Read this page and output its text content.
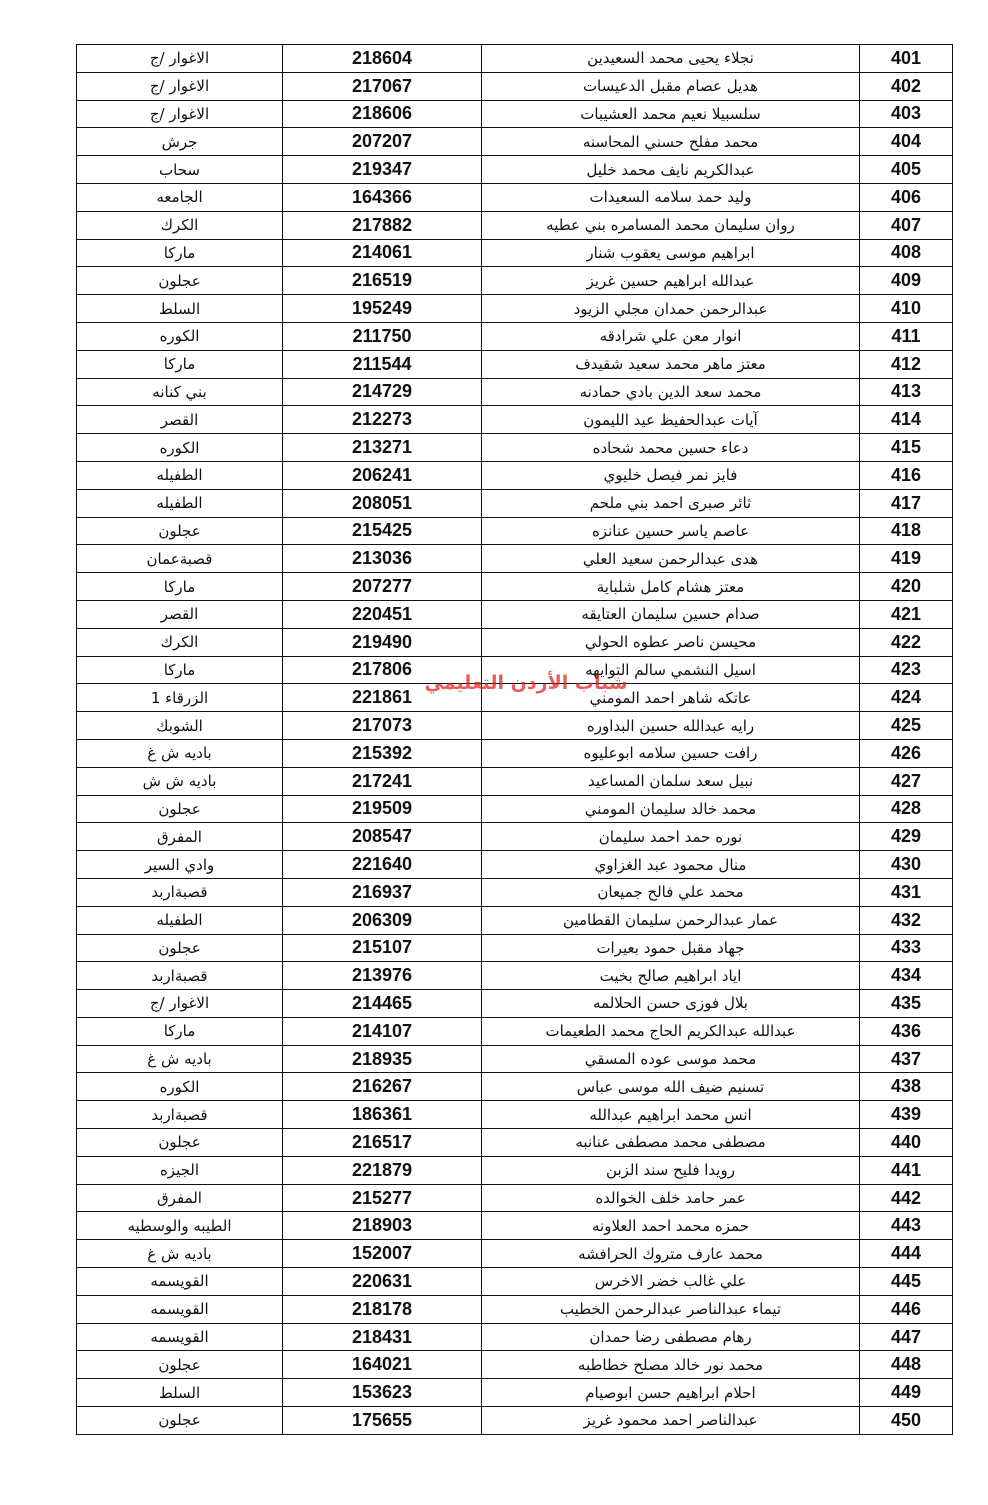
401	نجلاء يحيى محمد السعيدين	218604	الاغوار /ج
402	هديل عصام مقبل الدعيسات	217067	الاغوار /ج
403	سلسبيلا نعيم محمد العشيبات	218606	الاغوار /ج
404	محمد مفلح حسني المحاسنه	207207	جرش
405	عبدالكريم نايف محمد خليل	219347	سحاب
406	وليد حمد سلامه السعيدات	164366	الجامعه
407	روان سليمان محمد المسامره بني عطيه	217882	الكرك
408	ابراهيم موسى يعقوب شنار	214061	ماركا
409	عبدالله ابراهيم حسين غريز	216519	عجلون
410	عبدالرحمن حمدان مجلي الزيود	195249	السلط
411	انوار معن علي شرادقه	211750	الكوره
412	معتز ماهر محمد سعيد شقيدف	211544	ماركا
413	محمد سعد الدين بادي حمادنه	214729	بني كنانه
414	آيات عبدالحفيظ عيد الليمون	212273	القصر
415	دعاء حسين محمد شحاده	213271	الكوره
416	فايز نمر فيصل خليوي	206241	الطفيله
417	ثائر صبرى احمد بني ملحم	208051	الطفيله
418	عاصم ياسر حسين عنانزه	215425	عجلون
419	هدى عبدالرحمن سعيد العلي	213036	قصبةعمان
420	معتز هشام كامل شلباية	207277	ماركا
421	صدام حسين سليمان العتايقه	220451	القصر
422	محيسن ناصر عطوه الحولي	219490	الكرك
423	اسيل النشمي سالم التوايهه	217806	ماركا
424	عاتكه شاهر احمد المومني	221861	الزرقاء 1
425	رايه عبدالله حسين البداوره	217073	الشوبك
426	رافت حسين سلامه ابوعليوه	215392	باديه ش غ
427	نبيل سعد سلمان المساعيد	217241	باديه ش ش
428	محمد خالد سليمان المومني	219509	عجلون
429	نوره حمد احمد سليمان	208547	المفرق
430	منال محمود عبد الغزاوي	221640	وادي السير
431	محمد علي فالح جميعان	216937	قصبةاربد
432	عمار عبدالرحمن سليمان القطامين	206309	الطفيله
433	جهاد مقبل حمود بعيرات	215107	عجلون
434	اياد ابراهيم صالح بخيت	213976	قصبةاربد
435	بلال فوزى حسن الحلالمه	214465	الاغوار /ج
436	عبدالله عبدالكريم الحاج محمد الطعيمات	214107	ماركا
437	محمد موسى عوده المسقي	218935	باديه ش غ
438	تسنيم ضيف الله موسى عباس	216267	الكوره
439	انس محمد ابراهيم عبدالله	186361	قصبةاربد
440	مصطفى محمد مصطفى عنانبه	216517	عجلون
441	رويدا فليح سند الزبن	221879	الجيزه
442	عمر حامد خلف الخوالده	215277	المفرق
443	حمزه محمد احمد العلاونه	218903	الطيبه والوسطيه
444	محمد عارف متروك الحرافشه	152007	باديه ش غ
445	علي غالب خضر الاخرس	220631	القويسمه
446	تيماء عبدالناصر عبدالرحمن الخطيب	218178	القويسمه
447	رهام مصطفى رضا حمدان	218431	القويسمه
448	محمد نور خالد مصلح خطاطبه	164021	عجلون
449	احلام ابراهيم حسن ابوصيام	153623	السلط
450	عبدالناصر احمد محمود غريز	175655	عجلون
شباب الأردن التعليمي
